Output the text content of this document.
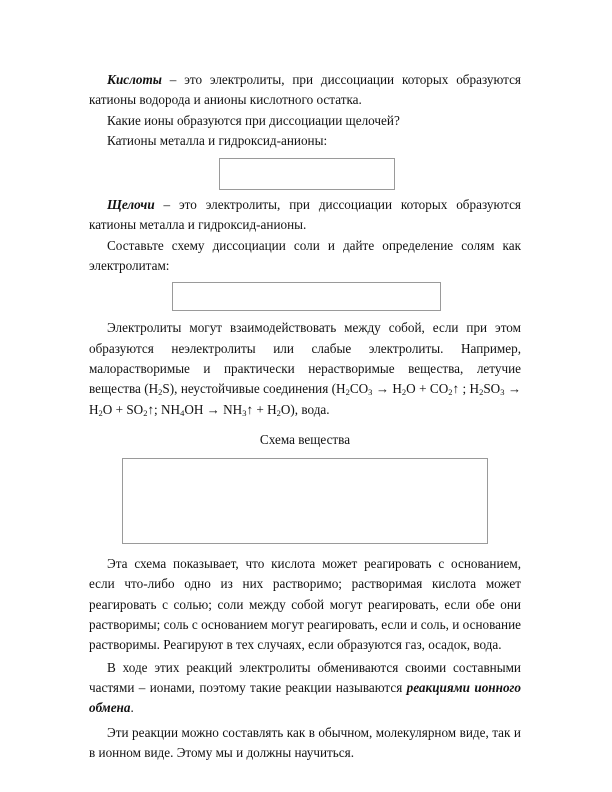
Кислоты – это электролиты, при диссоциации которых образуются катионы водорода и анионы кислотного остатка.

Какие ионы образуются при диссоциации щелочей?

Катионы металла и гидроксид-анионы:

Щелочи – это электролиты, при диссоциации которых образуются катионы металла и гидроксид-анионы.

Составьте схему диссоциации соли и дайте определение солям как электролитам:

Электролиты могут взаимодействовать между собой, если при этом образуются неэлектролиты или слабые электролиты. Например, малорастворимые и практически нерастворимые вещества, летучие вещества $(H_2S)$, неустойчивые соединения ($H_2CO_3 \to H_2O$ + $CO_2↑$ ; $H_2SO_3 \to H_2O$ + $SO_2↑$; $NH_4OH$ → $NH_3↑ + H_2O$), вода.

Схема вещества

Эта схема показывает, что кислота может реагировать с основанием, если что-либо одно из них растворимо; растворимая кислота может реагировать с солью; соли между собой могут реагировать, если обе они растворимы; соль с основанием могут реагировать, если и соль, и основание растворимы. Реагируют в тех случаях, если образуются газ, осадок, вода.

В ходе этих реакций электролиты обмениваются своими составными частями – ионами, поэтому такие реакции называются реакциями ионного обмена.

Эти реакции можно составлять как в обычном, молекулярном виде, так и в ионном виде. Этому мы и должны научиться.
